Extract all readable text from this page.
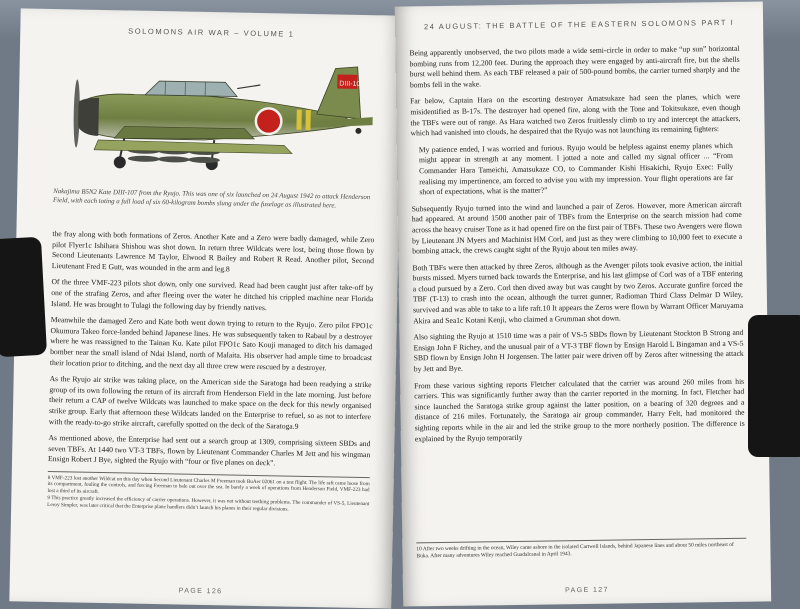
SOLOMONS AIR WAR – VOLUME 1
DIII-107
Nakajima B5N2 Kate DIII-107 from the Ryujo. This was one of six launched on 24 August 1942 to attack Henderson Field, with each toting a full load of six 60-kilogram bombs slung under the fuselage as illustrated here.

the fray along with both formations of Zeros. Another Kate and a Zero were badly damaged, while Zero pilot Flyer1c Ishihara Shishou was shot down. In return three Wildcats were lost, being those flown by Second Lieutenants Lawrence M Taylor, Elwood R Bailey and Robert R Read. Another pilot, Second Lieutenant Fred E Gutt, was wounded in the arm and leg.8

Of the three VMF-223 pilots shot down, only one survived. Read had been caught just after take-off by one of the strafing Zeros, and after fleeing over the water he ditched his crippled machine near Florida Island. He was brought to Tulagi the following day by friendly natives.

Meanwhile the damaged Zero and Kate both went down trying to return to the Ryujo. Zero pilot FPO1c Okumura Takeo force-landed behind Japanese lines. He was subsequently taken to Rabaul by a destroyer where he was reassigned to the Tainan Ku. Kate pilot FPO1c Sato Kouji managed to ditch his damaged bomber near the small island of Ndai Island, north of Malaita. His observer had ample time to broadcast their location prior to ditching, and the next day all three crew were rescued by a destroyer.

As the Ryujo air strike was taking place, on the American side the Saratoga had been readying a strike group of its own following the return of its aircraft from Henderson Field in the late morning. Just before their return a CAP of twelve Wildcats was launched to make space on the deck for this newly organised strike group. Early that afternoon these Wildcats landed on the Enterprise to refuel, so as not to interfere with the ready-to-go strike aircraft, carefully spotted on the deck of the Saratoga.9

As mentioned above, the Enterprise had sent out a search group at 1309, comprising sixteen SBDs and seven TBFs. At 1440 two VT-3 TBFs, flown by Lieutenant Commander Charles M Jett and his wingman Ensign Robert J Bye, sighted the Ryujo with “four or five planes on deck”.

8 VMF-223 lost another Wildcat on this day when Second Lieutenant Charles M Freeman took BuAer 02061 on a test flight. The life raft came loose from its compartment, fouling the controls, and forcing Freeman to bale out over the sea. In barely a week of operations from Henderson Field, VMF-223 had lost a third of its aircraft.
9 This practice greatly increased the efficiency of carrier operations. However, it was not without teething problems. The commander of VS-5, Lieutenant Leroy Simpler, was later critical that the Enterprise plane handlers didn’t launch his planes in their regular divisions.
PAGE 126
24 AUGUST: THE BATTLE OF THE EASTERN SOLOMONS PART I

Being apparently unobserved, the two pilots made a wide semi-circle in order to make “up sun” horizontal bombing runs from 12,200 feet. During the approach they were engaged by anti-aircraft fire, but the shells burst well behind them. As each TBF released a pair of 500-pound bombs, the carrier turned sharply and the bombs fell in the wake.

Far below, Captain Hara on the escorting destroyer Amatsukaze had seen the planes, which were misidentified as B-17s. The destroyer had opened fire, along with the Tone and Tokitsukaze, even though the TBFs were out of range. As Hara watched two Zeros fruitlessly climb to try and intercept the attackers, which had vanished into clouds, he despaired that the Ryujo was not launching its remaining fighters:

My patience ended, I was worried and furious. Ryujo would be helpless against enemy planes which might appear in strength at any moment. I jotted a note and called my signal officer ... “From Commander Hara Tameichi, Amatsukaze CO, to Commander Kishi Hisakichi, Ryujo Exec: Fully realising my impertinence, am forced to advise you with my impression. Your flight operations are far short of expectations, what is the matter?”

Subsequently Ryujo turned into the wind and launched a pair of Zeros. However, more American aircraft had appeared. At around 1500 another pair of TBFs from the Enterprise on the search mission had come across the heavy cruiser Tone as it had opened fire on the first pair of TBFs. These two Avengers were flown by Lieutenant JN Myers and Machinist HM Corl, and just as they were climbing to 10,000 feet to execute a bombing attack, the crews caught sight of the Ryujo about ten miles away.

Both TBFs were then attacked by three Zeros, although as the Avenger pilots took evasive action, the initial bursts missed. Myers turned back towards the Enterprise, and his last glimpse of Corl was of a TBF entering a cloud pursued by a Zero. Corl then dived away but was caught by two Zeros. Accurate gunfire forced the TBF (T-13) to crash into the ocean, although the turret gunner, Radioman Third Class Delmar D Wiley, survived and was able to take to a life raft.10 It appears the Zeros were flown by Warrant Officer Maruyama Akira and Sea1c Kotani Kenji, who claimed a Grumman shot down.

Also sighting the Ryujo at 1510 time was a pair of VS-5 SBDs flown by Lieutenant Stockton B Strong and Ensign John F Richey, and the unusual pair of a VT-3 TBF flown by Ensign Harold L Bingaman and a VS-5 SBD flown by Ensign John H Jorgensen. The latter pair were driven off by Zeros after witnessing the attack by Jett and Bye.

From these various sighting reports Fletcher calculated that the carrier was around 260 miles from his carriers. This was significantly further away than the carrier reported in the morning. In fact, Fletcher had since launched the Saratoga strike group against the latter position, on a bearing of 320 degrees and a distance of 216 miles. Fortunately, the Saratoga air group commander, Harry Felt, had monitored the sighting reports while in the air and led the strike group to the more northerly position. The difference is explained by the Ryujo temporarily

10 After two weeks drifting in the ocean, Wiley came ashore in the isolated Cartwell Islands, behind Japanese lines and about 50 miles northeast of Buka. After many adventures Wiley reached Guadalcanal in April 1943.
PAGE 127
